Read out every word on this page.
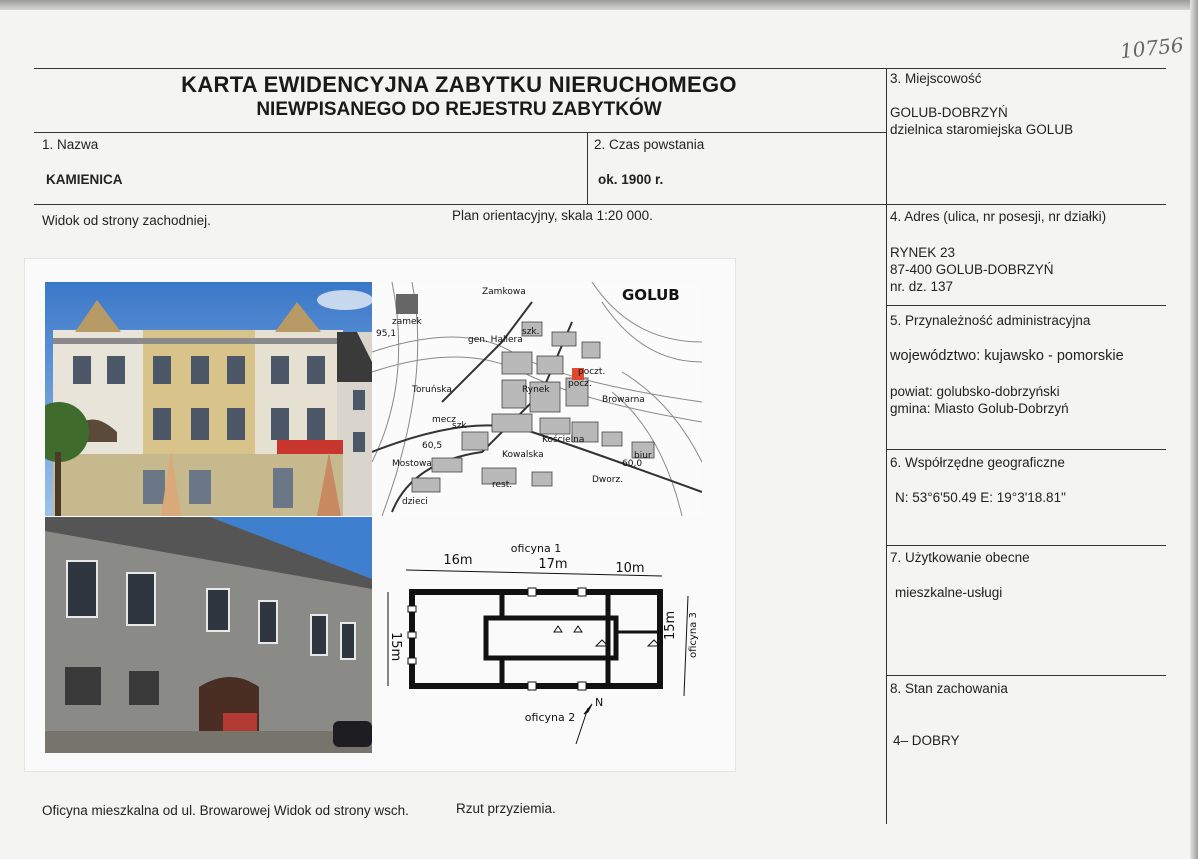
10756
KARTA EWIDENCYJNA ZABYTKU NIERUCHOMEGO
NIEWPISANEGO DO REJESTRU ZABYTKÓW
1. Nazwa
KAMIENICA
2. Czas powstania
ok. 1900 r.
3. Miejscowość
GOLUB-DOBRZYŃ
dzielnica staromiejska GOLUB
4. Adres (ulica, nr posesji, nr działki)
RYNEK 23
87-400 GOLUB-DOBRZYŃ
nr. dz. 137
5. Przynależność administracyjna
województwo: kujawsko - pomorskie
powiat: golubsko-dobrzyński
gmina: Miasto Golub-Dobrzyń
6. Współrzędne geograficzne
N: 53°6'50.49 E: 19°3'18.81"
7. Użytkowanie obecne
mieszkalne-usługi
8. Stan zachowania
4– DOBRY
Widok od strony zachodniej.	Plan orientacyjny, skala 1:20 000.
Oficyna mieszkalna od ul. Browarowej Widok od strony wsch.	Rzut przyziemia.
zamek
95,1
Zamkowa
szk.
Rynek
poczt.
pocz.
gen. Hallera
Toruńska
Mostowa
rest.
biur
60,0
60,5
szk
Browarna
Kościelna
Dworz.
dzieci
Kowalska
mecz
GOLUB
oficyna 1
16m	17m	10m
15m
15m oficyna 3
oficyna 2
N
